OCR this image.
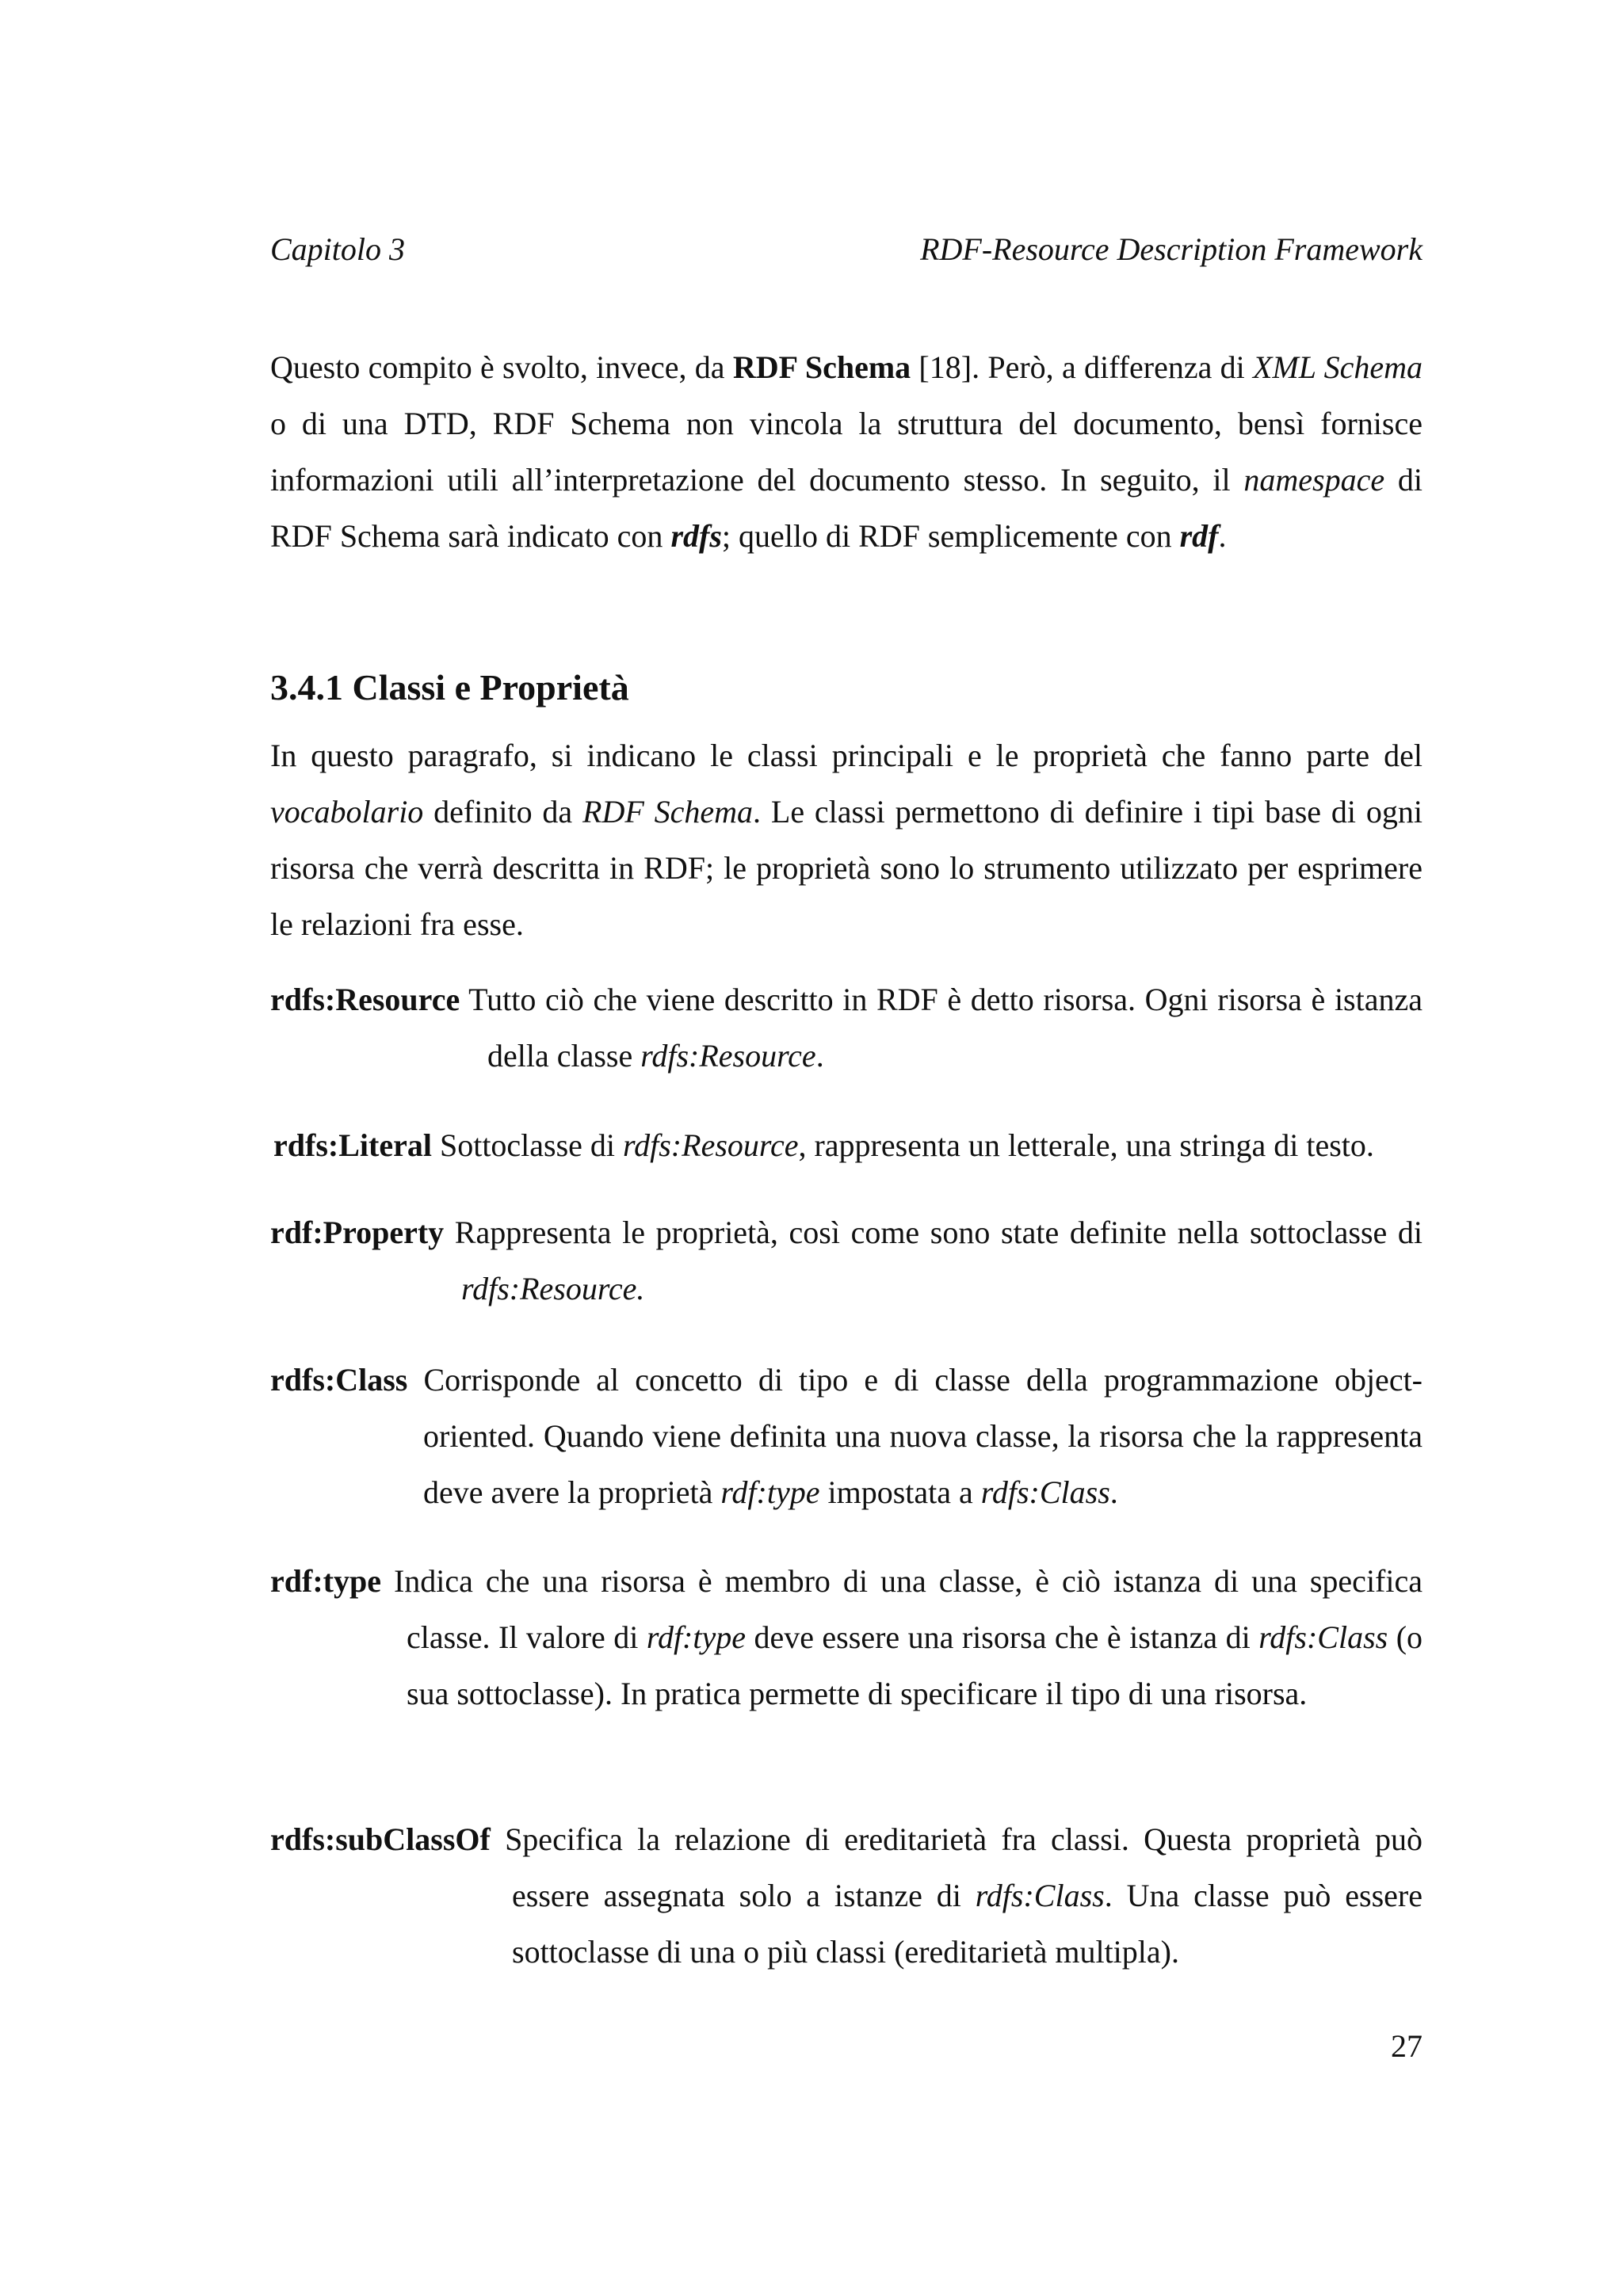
Capitolo 3	RDF-Resource Description Framework

Questo compito è svolto, invece, da RDF Schema [18]. Però, a differenza di XML Schema o di una DTD, RDF Schema non vincola la struttura del documento, bensì fornisce informazioni utili all’interpretazione del documento stesso. In seguito, il namespace di RDF Schema sarà indicato con rdfs; quello di RDF semplicemente con rdf.

3.4.1 Classi e Proprietà

In questo paragrafo, si indicano le classi principali e le proprietà che fanno parte del vocabolario definito da RDF Schema. Le classi permettono di definire i tipi base di ogni risorsa che verrà descritta in RDF; le proprietà sono lo strumento utilizzato per esprimere le relazioni fra esse.

rdfs:Resource Tutto ciò che viene descritto in RDF è detto risorsa. Ogni risorsa è istanza della classe rdfs:Resource.

rdfs:Literal Sottoclasse di rdfs:Resource, rappresenta un letterale, una stringa di testo.

rdf:Property Rappresenta le proprietà, così come sono state definite nella sottoclasse di rdfs:Resource.

rdfs:Class Corrisponde al concetto di tipo e di classe della programmazione object-oriented. Quando viene definita una nuova classe, la risorsa che la rappresenta deve avere la proprietà rdf:type impostata a rdfs:Class.

rdf:type Indica che una risorsa è membro di una classe, è ciò istanza di una specifica classe. Il valore di rdf:type deve essere una risorsa che è istanza di rdfs:Class (o sua sottoclasse). In pratica permette di specificare il tipo di una risorsa.

rdfs:subClassOf Specifica la relazione di ereditarietà fra classi. Questa proprietà può essere assegnata solo a istanze di rdfs:Class. Una classe può essere sottoclasse di una o più classi (ereditarietà multipla).

27
